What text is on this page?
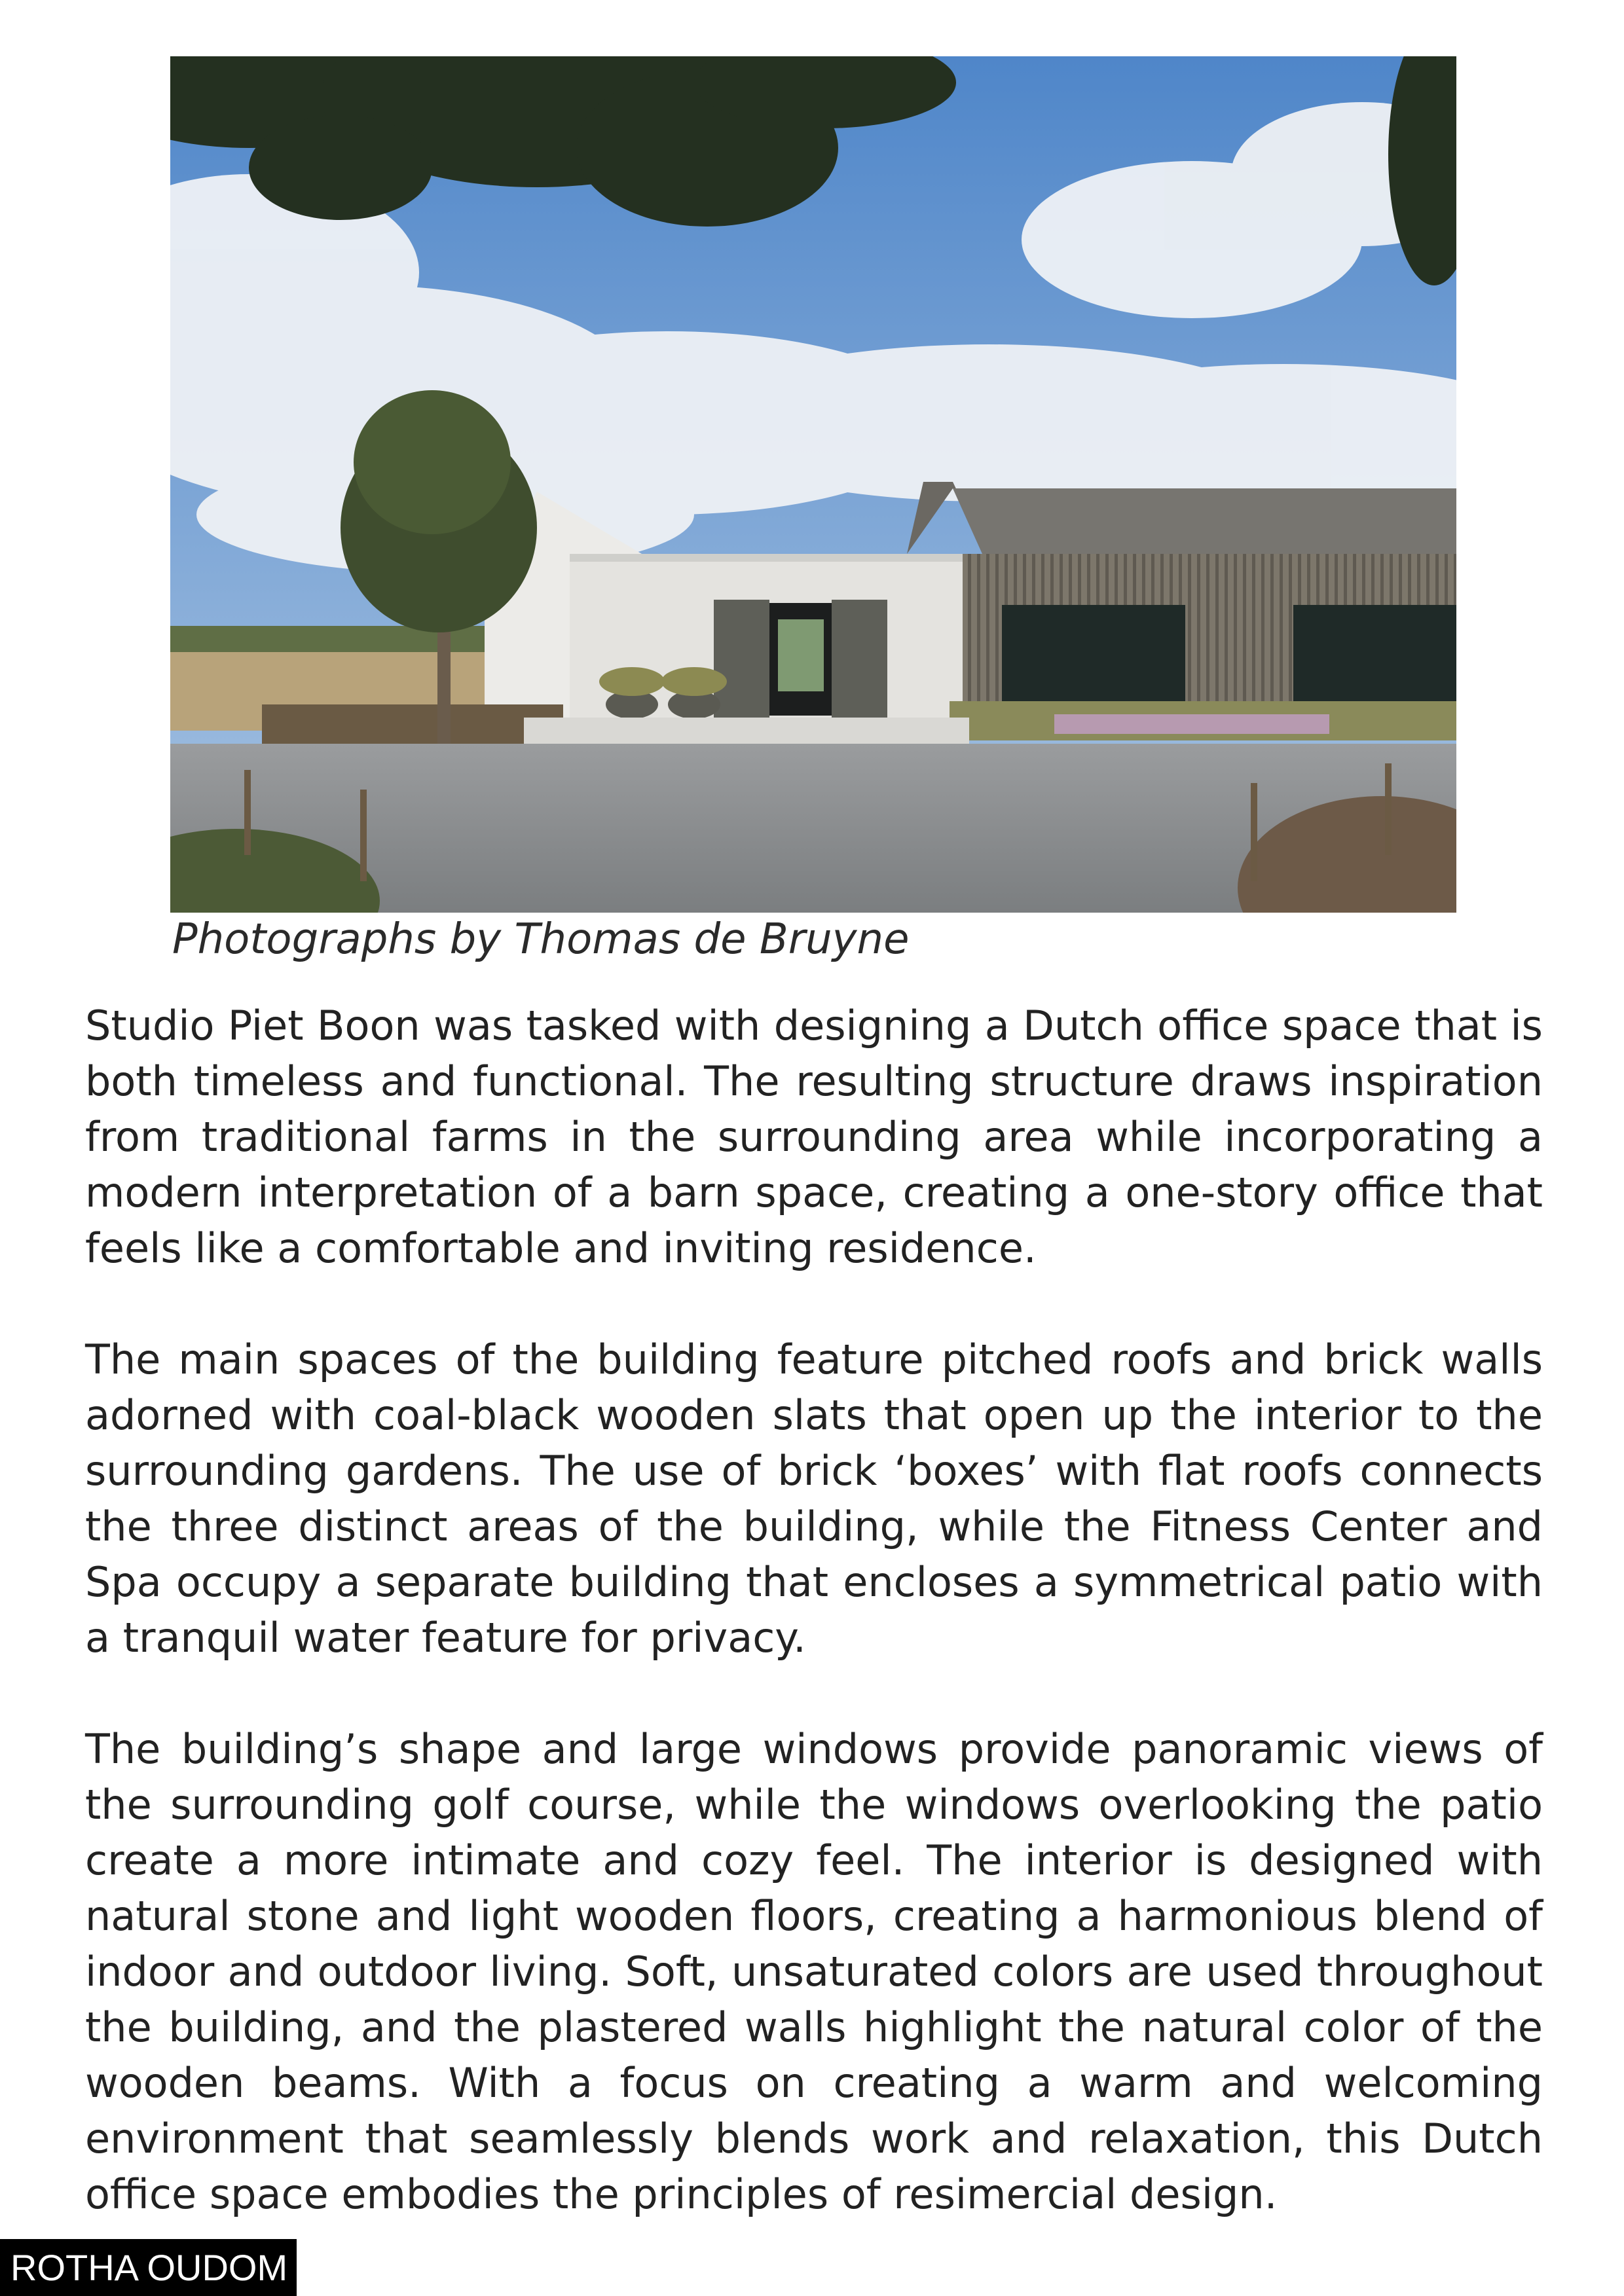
Photographs by Thomas de Bruyne

Studio Piet Boon was tasked with designing a Dutch office space that is both timeless and functional. The resulting structure draws inspiration from traditional farms in the surrounding area while incorporating a modern interpretation of a barn space, creating a one-story office that feels like a comfortable and inviting residence.

The main spaces of the building feature pitched roofs and brick walls adorned with coal-black wooden slats that open up the interior to the surrounding gardens. The use of brick ‘boxes’ with flat roofs connects the three distinct areas of the building, while the Fitness Center and Spa occupy a separate building that encloses a symmetrical patio with a tranquil water feature for privacy.

The building’s shape and large windows provide panoramic views of the surrounding golf course, while the windows overlooking the patio create a more intimate and cozy feel. The interior is designed with natural stone and light wooden floors, creating a harmonious blend of indoor and outdoor living. Soft, unsaturated colors are used throughout the building, and the plastered walls highlight the natural color of the wooden beams. With a focus on creating a warm and welcoming environment that seamlessly blends work and relaxation, this Dutch office space embodies the principles of resimercial design.

ROTHA OUDOM
